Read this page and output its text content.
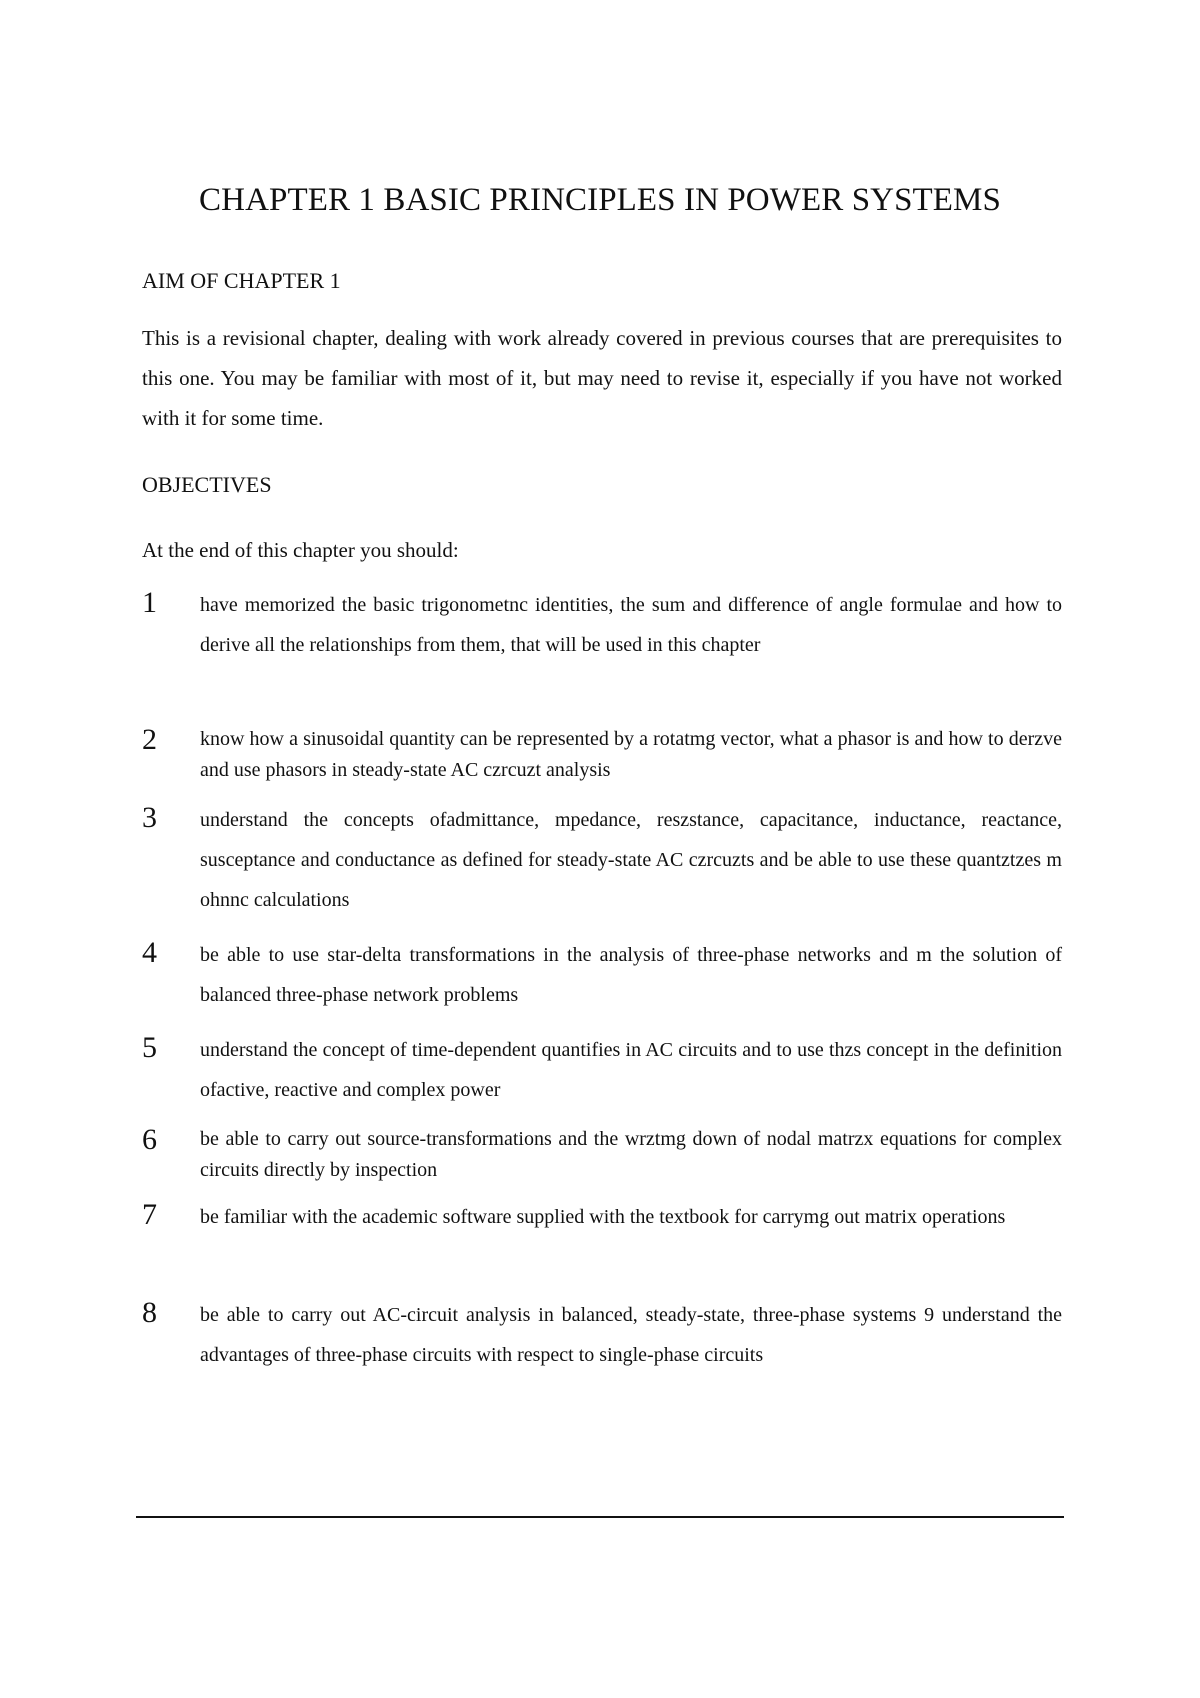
CHAPTER 1 BASIC PRINCIPLES IN POWER SYSTEMS
AIM OF CHAPTER 1

This is a revisional chapter, dealing with work already covered in previous courses that are prerequisites to this one. You may be familiar with most of it, but may need to revise it, especially if you have not worked with it for some time.

OBJECTIVES

At the end of this chapter you should:

1 have memorized the basic trigonometnc identities, the sum and difference of angle formulae and how to derive all the relationships from them, that will be used in this chapter

2 know how a sinusoidal quantity can be represented by a rotatmg vector, what a phasor is and how to derzve and use phasors in steady-state AC czrcuzt analysis

3 understand the concepts ofadmittance, mpedance, reszstance, capacitance, inductance, reactance, susceptance and conductance as defined for steady-state AC czrcuzts and be able to use these quantztzes m ohnnc calculations

4 be able to use star-delta transformations in the analysis of three-phase networks and m the solution of balanced three-phase network problems

5 understand the concept of time-dependent quantifies in AC circuits and to use thzs concept in the definition ofactive, reactive and complex power

6 be able to carry out source-transformations and the wrztmg down of nodal matrzx equations for complex circuits directly by inspection

7 be familiar with the academic software supplied with the textbook for carrymg out matrix operations

8 be able to carry out AC-circuit analysis in balanced, steady-state, three-phase systems 9 understand the advantages of three-phase circuits with respect to single-phase circuits
